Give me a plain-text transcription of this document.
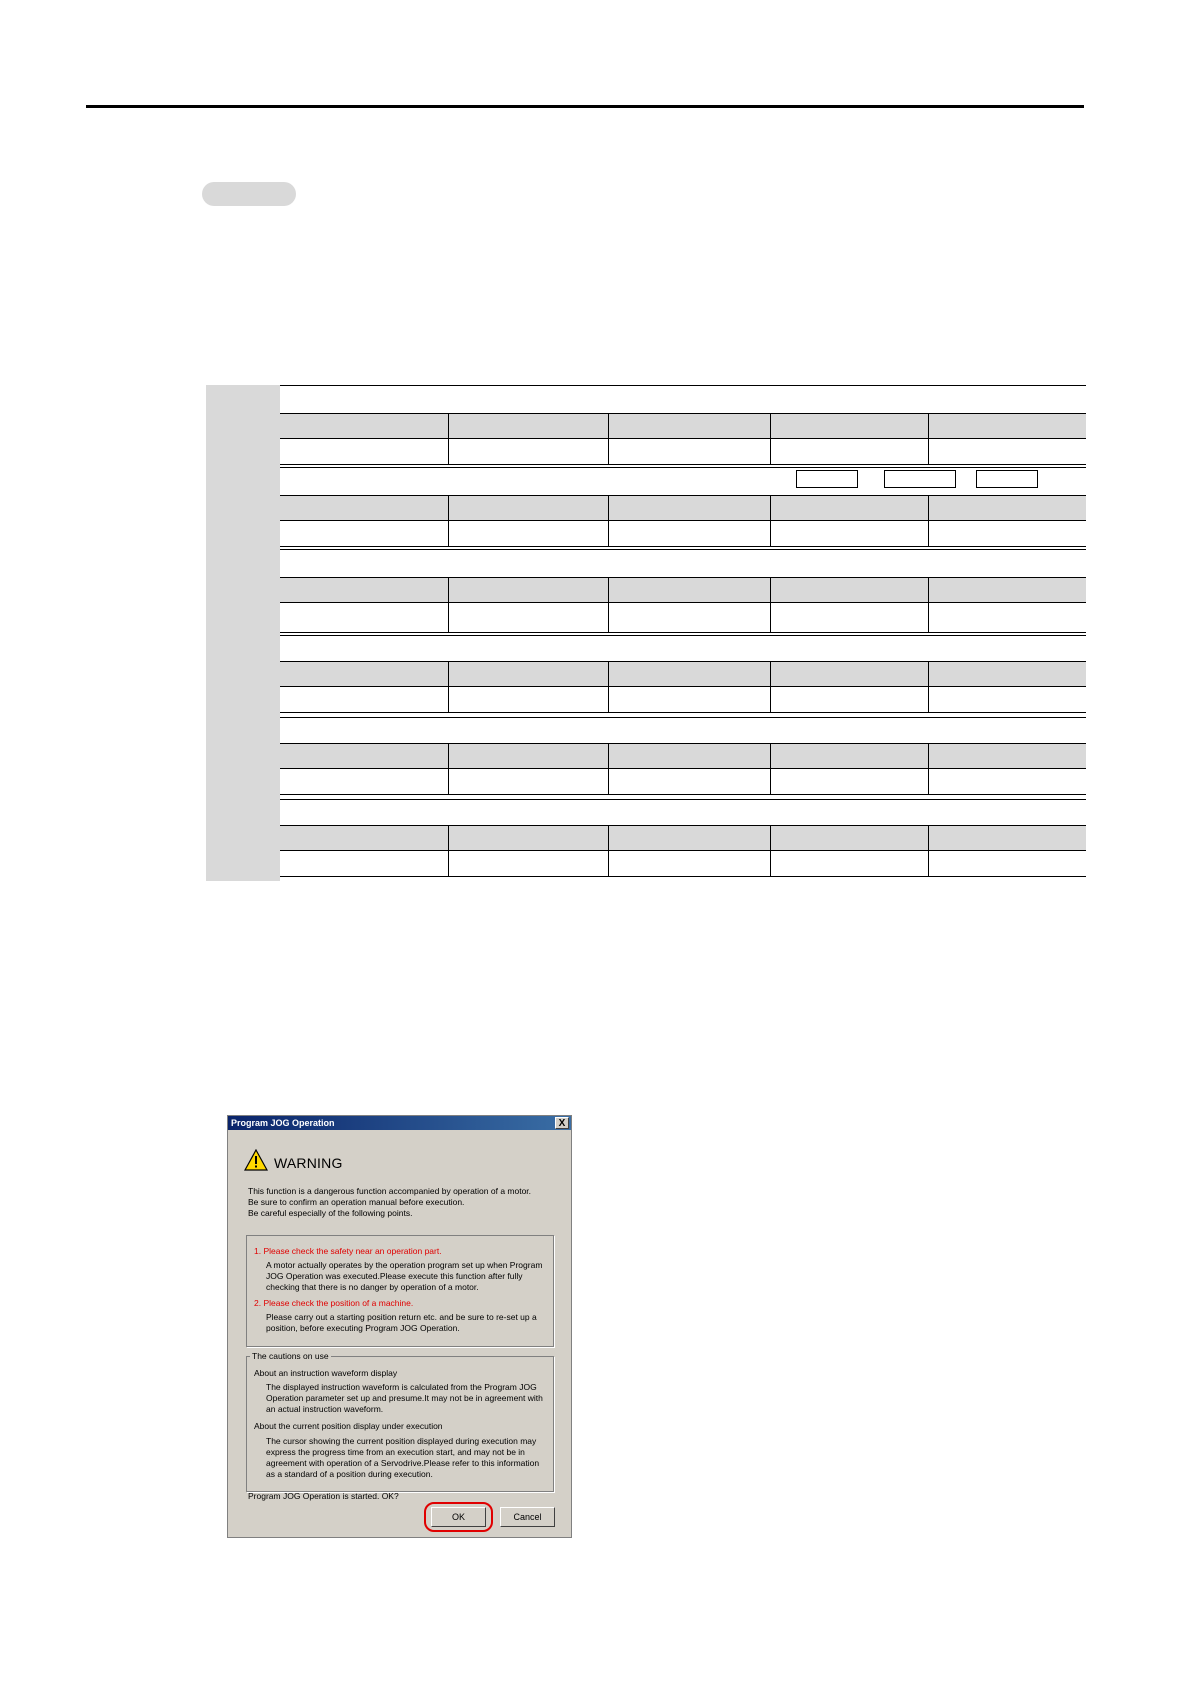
Program JOG Operation	X
WARNING
This function is a dangerous function accompanied by operation of a motor.
Be sure to confirm an operation manual before execution.
Be careful especially of the following points.
1. Please check the safety near an operation part.
A motor actually operates by the operation program set up when Program
JOG Operation was executed.Please execute this function after fully
checking that there is no danger by operation of a motor.
2. Please check the position of a machine.
Please carry out a starting position return etc. and be sure to re-set up a
position, before executing Program JOG Operation.
The cautions on use
About an instruction waveform display
The displayed instruction waveform is calculated from the Program JOG
Operation parameter set up and presume.It may not be in agreement with
an actual instruction waveform.
About the current position display under execution
The cursor showing the current position displayed during execution may
express the progress time from an execution start, and may not be in
agreement with operation of a Servodrive.Please refer to this information
as a standard of a position during execution.
Program JOG Operation is started. OK?
OK	Cancel
